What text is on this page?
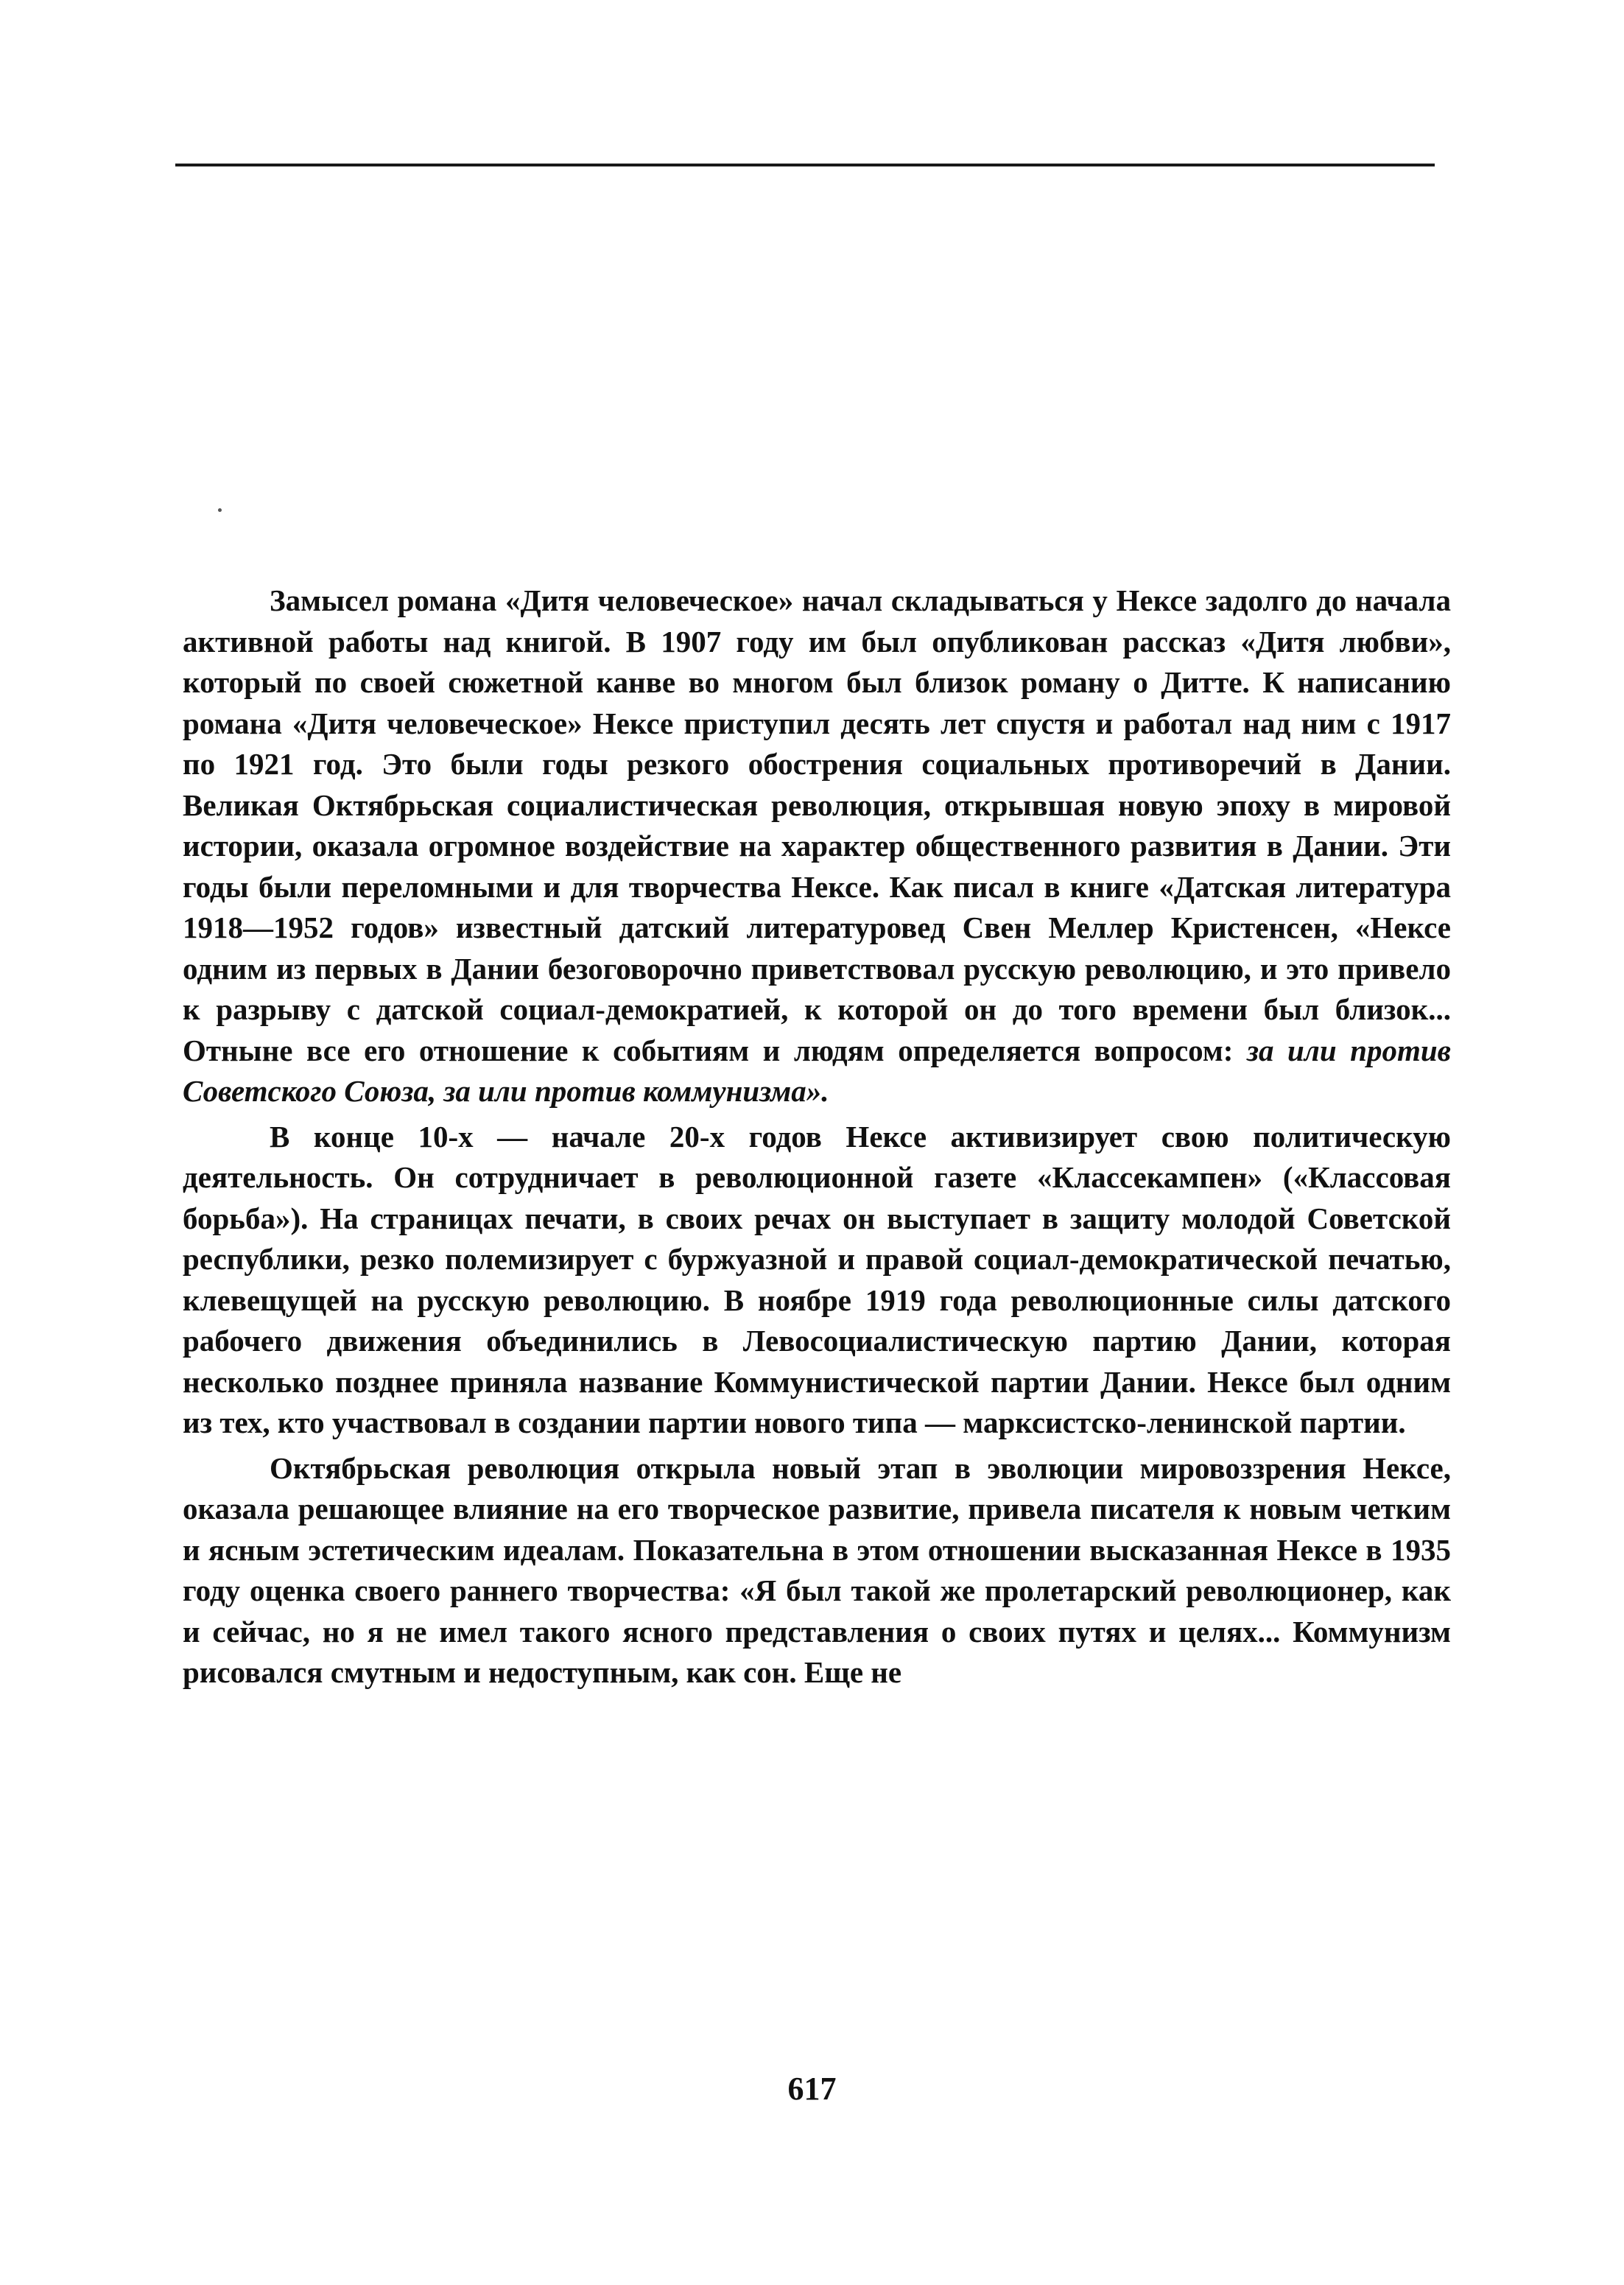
Замысел романа «Дитя человеческое» начал складываться у Нексе задолго до начала активной работы над книгой. В 1907 году им был опубликован рассказ «Дитя любви», который по своей сюжетной канве во многом был близок роману о Дитте. К написанию романа «Дитя человеческое» Нексе приступил десять лет спустя и работал над ним с 1917 по 1921 год. Это были годы резкого обострения социальных противоречий в Дании. Великая Октябрьская социалистическая революция, открывшая новую эпоху в мировой истории, оказала огромное воздействие на характер общественного развития в Дании. Эти годы были переломными и для творчества Нексе. Как писал в книге «Датская литература 1918—1952 годов» известный датский литературовед Свен Меллер Кристенсен, «Нексе одним из первых в Дании безоговорочно приветствовал русскую революцию, и это привело к разрыву с датской социал-демократией, к которой он до того времени был близок... Отныне все его отношение к событиям и людям определяется вопросом: за или против Советского Союза, за или против коммунизма».

В конце 10-х — начале 20-х годов Нексе активизирует свою политическую деятельность. Он сотрудничает в революционной газете «Классекампен» («Классовая борьба»). На страницах печати, в своих речах он выступает в защиту молодой Советской республики, резко полемизирует с буржуазной и правой социал-демократической печатью, клевещущей на русскую революцию. В ноябре 1919 года революционные силы датского рабочего движения объединились в Левосоциалистическую партию Дании, которая несколько позднее приняла название Коммунистической партии Дании. Нексе был одним из тех, кто участвовал в создании партии нового типа — марксистско-ленинской партии.

Октябрьская революция открыла новый этап в эволюции мировоззрения Нексе, оказала решающее влияние на его творческое развитие, привела писателя к новым четким и ясным эстетическим идеалам. Показательна в этом отношении высказанная Нексе в 1935 году оценка своего раннего творчества: «Я был такой же пролетарский революционер, как и сейчас, но я не имел такого ясного представления о своих путях и целях... Коммунизм рисовался смутным и недоступным, как сон. Еще не

617
